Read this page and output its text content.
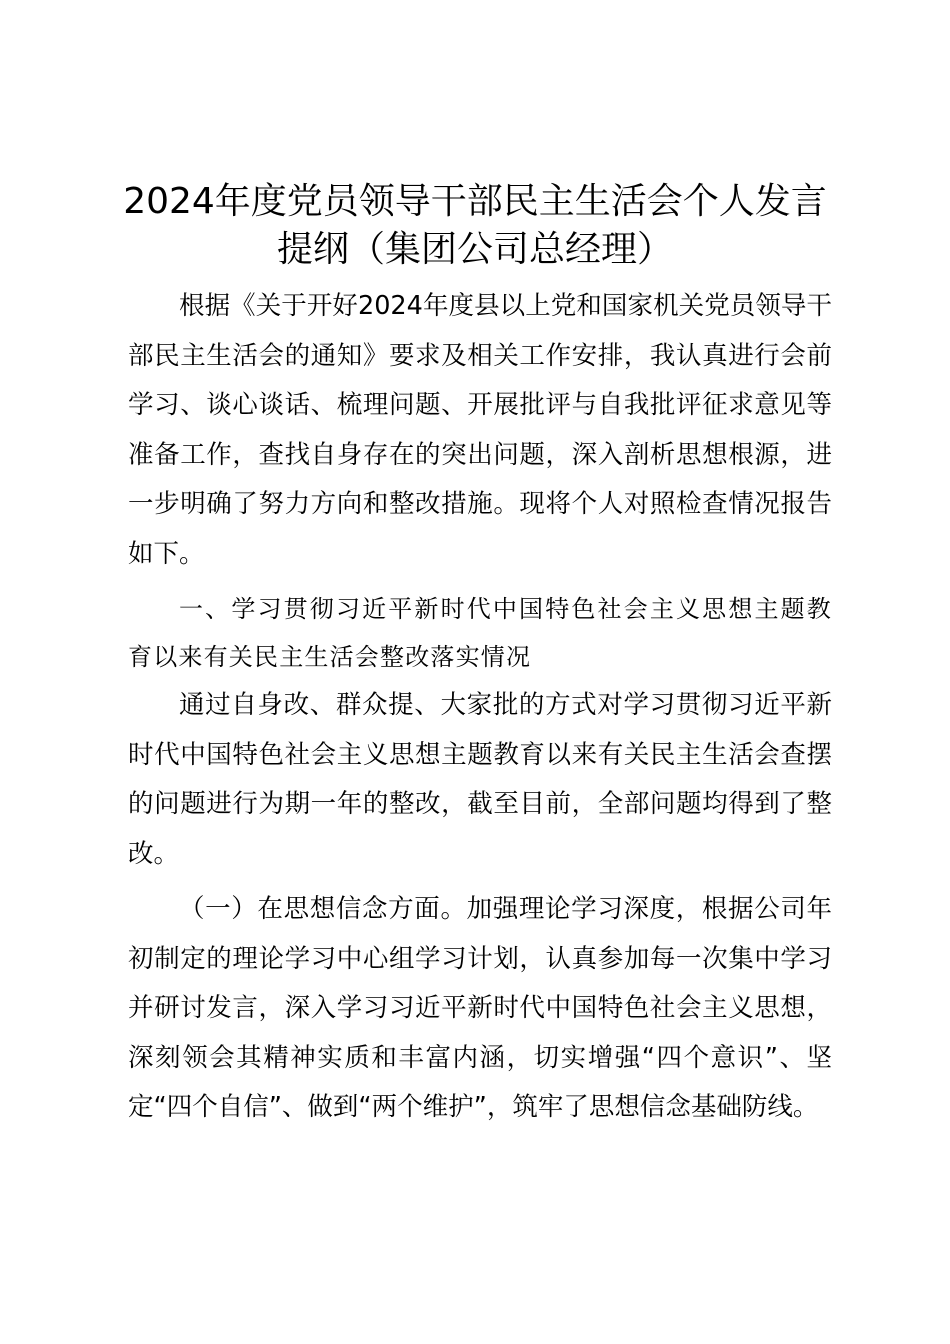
2024年度党员领导干部民主生活会个人发言提纲（集团公司总经理）

根据《关于开好2024年度县以上党和国家机关党员领导干部民主生活会的通知》要求及相关工作安排，我认真进行会前学习、谈心谈话、梳理问题、开展批评与自我批评征求意见等准备工作，查找自身存在的突出问题，深入剖析思想根源，进一步明确了努力方向和整改措施。现将个人对照检查情况报告如下。

一、学习贯彻习近平新时代中国特色社会主义思想主题教育以来有关民主生活会整改落实情况

通过自身改、群众提、大家批的方式对学习贯彻习近平新时代中国特色社会主义思想主题教育以来有关民主生活会查摆的问题进行为期一年的整改，截至目前，全部问题均得到了整改。

（一）在思想信念方面。加强理论学习深度，根据公司年初制定的理论学习中心组学习计划，认真参加每一次集中学习并研讨发言，深入学习习近平新时代中国特色社会主义思想，深刻领会其精神实质和丰富内涵，切实增强“四个意识”、坚定“四个自信”、做到“两个维护”，筑牢了思想信念基础防线。
